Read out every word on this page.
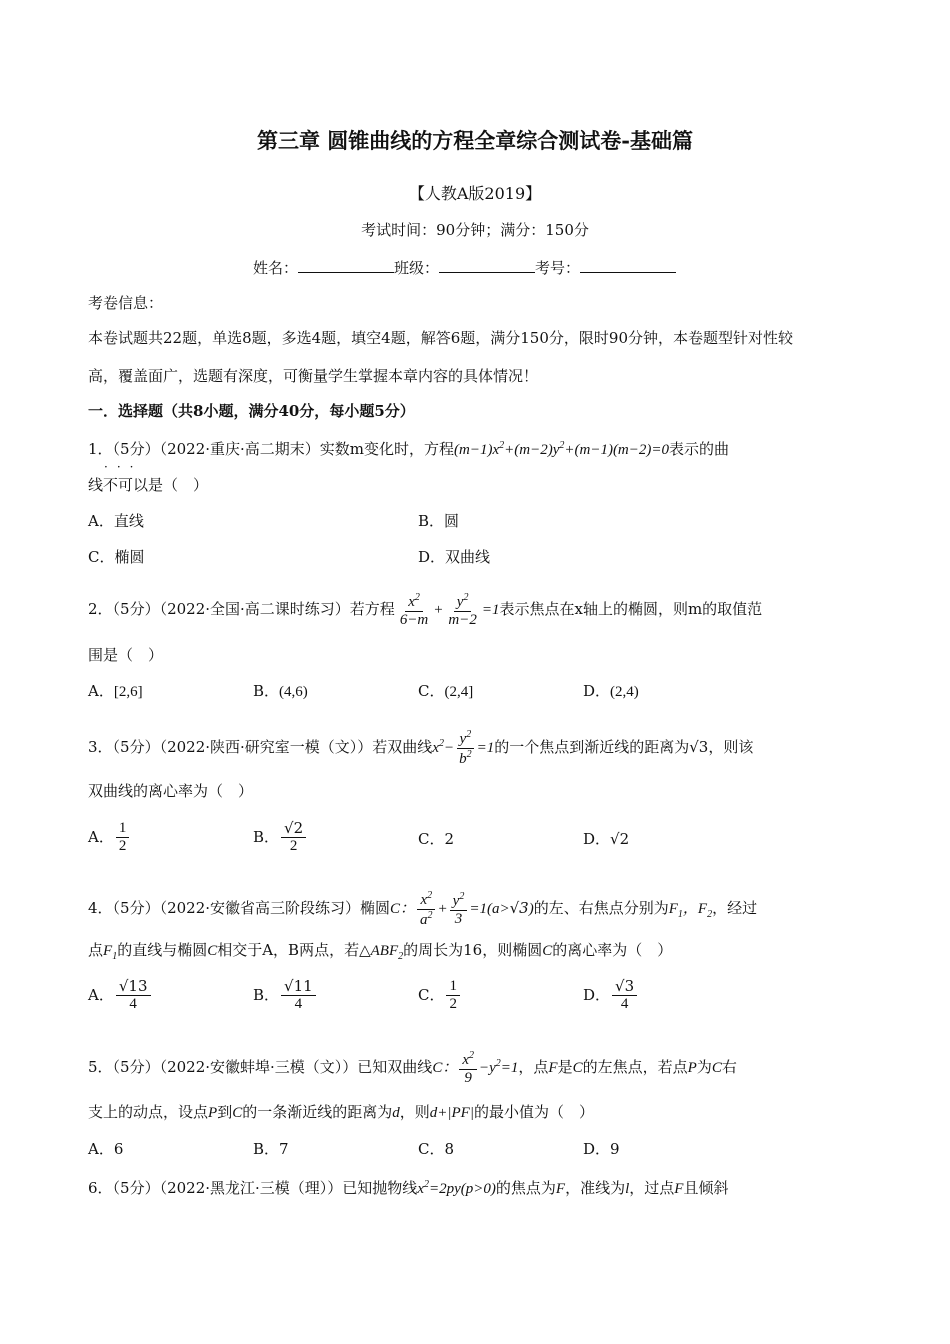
第三章 圆锥曲线的方程全章综合测试卷-基础篇
【人教A版2019】
考试时间：90分钟；满分：150分
姓名：	班级：	考号：
考卷信息：
本卷试题共22题，单选8题，多选4题，填空4题，解答6题，满分150分，限时90分钟，本卷题型针对性较
高，覆盖面广，选题有深度，可衡量学生掌握本章内容的具体情况！
一．选择题（共8小题，满分40分，每小题5分）
1．（5分）（2022·重庆·高二期末）实数m变化时，方程$(m-1)x^2+(m-2)y^2+(m-1)(m-2)=0$表示的曲
···
线不可以是（　）
A．直线	B．圆
C．椭圆	D．双曲线
2．（5分）（2022·全国·高二课时练习）若方程 $\frac{x^2}{6-m} + \frac{y^2}{m-2} =1$表示焦点在x轴上的椭圆，则m的取值范
围是（　）
A．[2,6]	B．(4,6)	C．(2,4]	D．(2,4)
3．（5分）（2022·陕西·研究室一模（文））若双曲线$x^2- \frac{y^2}{b^2} =1$的一个焦点到渐近线的距离为√3，则该
双曲线的离心率为（　）
A． $\frac{1}{2}$	B． $\frac{√2}{2}$	C．2	D．√2
4．（5分）（2022·安徽省高三阶段练习）椭圆C： $\frac{x^2}{a^2} + \frac{y^2}{3} =1(a>√3)$的左、右焦点分别为$F_1$，$F_2$，经过
点$F_1$的直线与椭圆C相交于A，B两点，若$\triangle ABF_2$的周长为16，则椭圆C的离心率为（　）
A． $\frac{√13}{4}$	B． $\frac{√11}{4}$	C． $\frac{1}{2}$	D． $\frac{√3}{4}$
5．（5分）（2022·安徽蚌埠·三模（文））已知双曲线C： $\frac{x^2}{9} -y^2=1$，点F是C的左焦点，若点P为C右
支上的动点，设点P到C的一条渐近线的距离为d，则d+|PF|的最小值为（　）
A．6	B．7	C．8	D．9
6．（5分）（2022·黑龙江·三模（理））已知抛物线$x^2=2py(p>0)$的焦点为F，准线为l，过点F且倾斜
